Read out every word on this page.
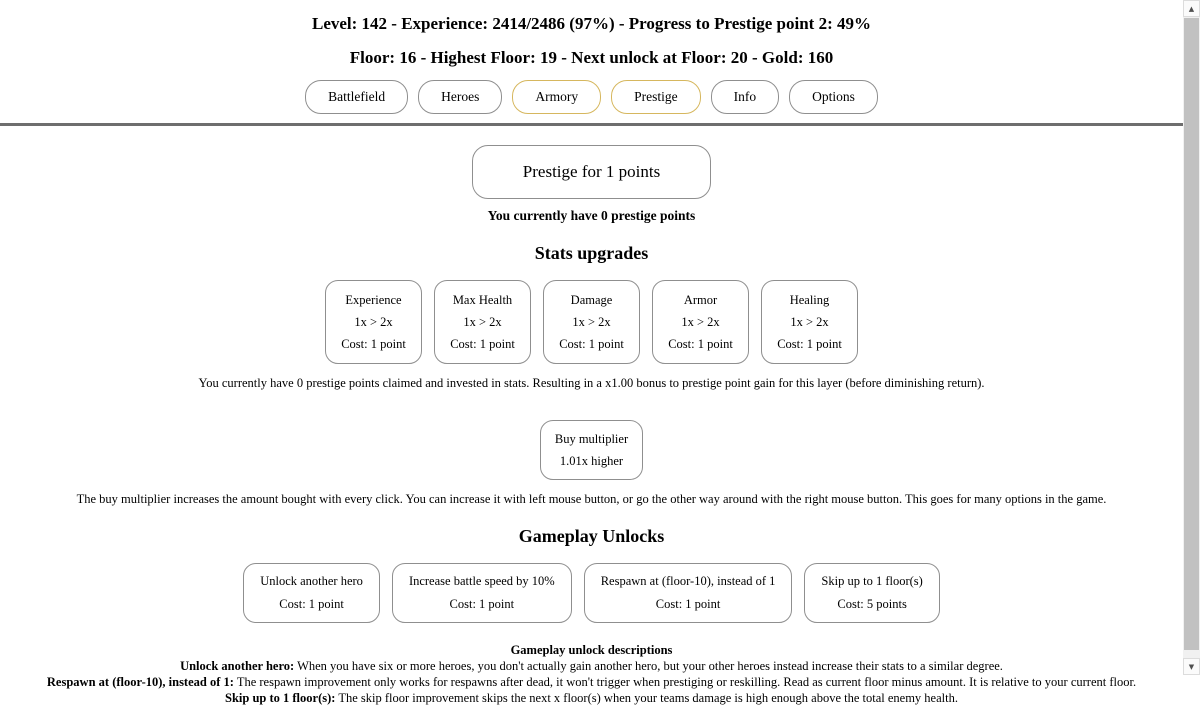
Level: 142 - Experience: 2414/2486 (97%) - Progress to Prestige point 2: 49%
Floor: 16 - Highest Floor: 19 - Next unlock at Floor: 20 - Gold: 160
Battlefield	Heroes	Armory	Prestige	Info	Options
Prestige for 1 points
You currently have 0 prestige points
Stats upgrades
Experience
1x > 2x
Cost: 1 point
Max Health
1x > 2x
Cost: 1 point
Damage
1x > 2x
Cost: 1 point
Armor
1x > 2x
Cost: 1 point
Healing
1x > 2x
Cost: 1 point

You currently have 0 prestige points claimed and invested in stats. Resulting in a x1.00 bonus to prestige point gain for this layer (before diminishing return).

Buy multiplier
1.01x higher

The buy multiplier increases the amount bought with every click. You can increase it with left mouse button, or go the other way around with the right mouse button. This goes for many options in the game.

Gameplay Unlocks
Unlock another hero
Cost: 1 point
Increase battle speed by 10%
Cost: 1 point
Respawn at (floor-10), instead of 1
Cost: 1 point
Skip up to 1 floor(s)
Cost: 5 points
Gameplay unlock descriptions

Unlock another hero: When you have six or more heroes, you don't actually gain another hero, but your other heroes instead increase their stats to a similar degree.

Respawn at (floor-10), instead of 1: The respawn improvement only works for respawns after dead, it won't trigger when prestiging or reskilling. Read as current floor minus amount. It is relative to your current floor.

Skip up to 1 floor(s): The skip floor improvement skips the next x floor(s) when your teams damage is high enough above the total enemy health.

▲
▼
